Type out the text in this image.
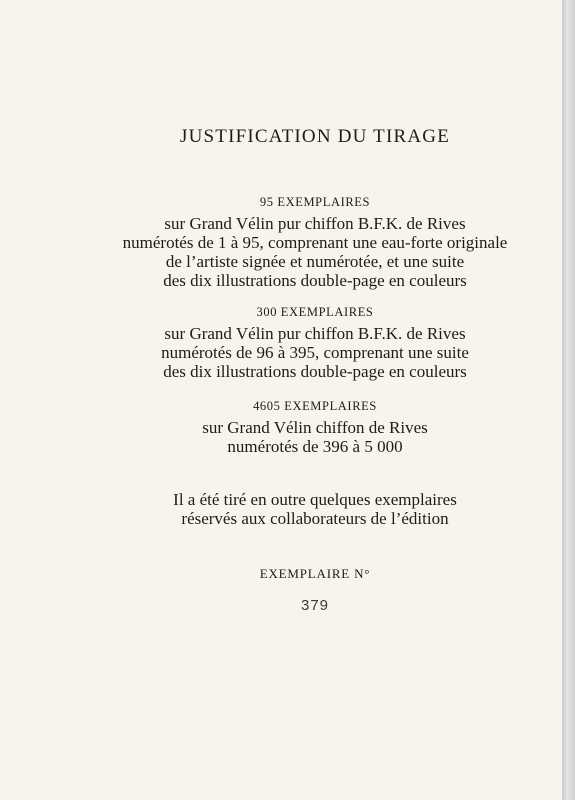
JUSTIFICATION DU TIRAGE
95 EXEMPLAIRES
sur Grand Vélin pur chiffon B.F.K. de Rives
numérotés de 1 à 95, comprenant une eau-forte originale
de l’artiste signée et numérotée, et une suite
des dix illustrations double-page en couleurs
300 EXEMPLAIRES
sur Grand Vélin pur chiffon B.F.K. de Rives
numérotés de 96 à 395, comprenant une suite
des dix illustrations double-page en couleurs
4605 EXEMPLAIRES
sur Grand Vélin chiffon de Rives
numérotés de 396 à 5 000
Il a été tiré en outre quelques exemplaires
réservés aux collaborateurs de l’édition
EXEMPLAIRE N°
379
